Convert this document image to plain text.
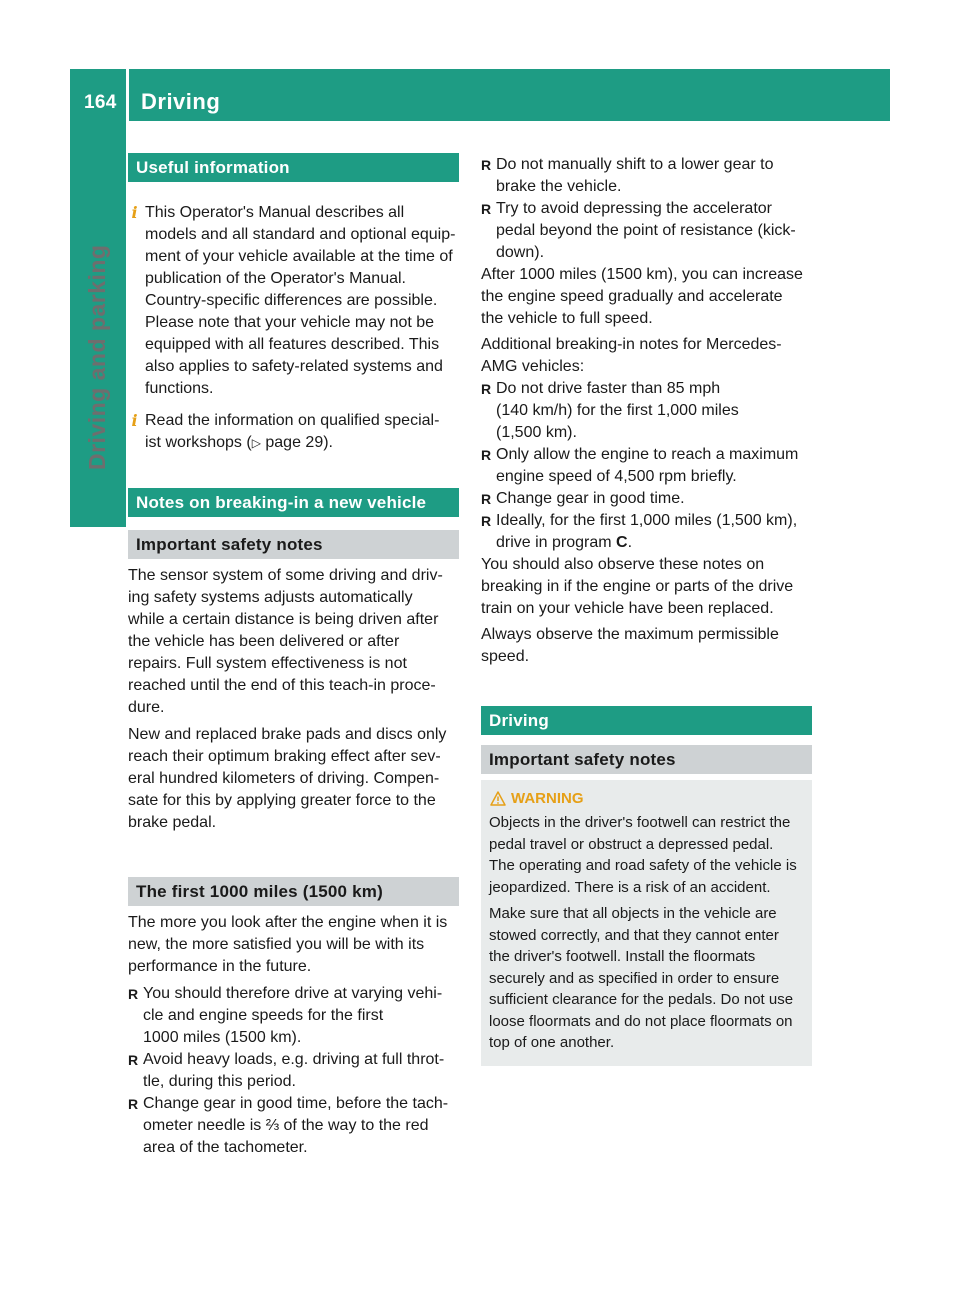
164 Driving
Driving and parking
Useful information
i This Operator's Manual describes all
models and all standard and optional equip-
ment of your vehicle available at the time of
publication of the Operator's Manual.
Country-specific differences are possible.
Please note that your vehicle may not be
equipped with all features described. This
also applies to safety-related systems and
functions.

i Read the information on qualified special-
ist workshops (▷ page 29).

Notes on breaking-in a new vehicle
Important safety notes

The sensor system of some driving and driv-
ing safety systems adjusts automatically
while a certain distance is being driven after
the vehicle has been delivered or after
repairs. Full system effectiveness is not
reached until the end of this teach-in proce-
dure.

New and replaced brake pads and discs only
reach their optimum braking effect after sev-
eral hundred kilometers of driving. Compen-
sate for this by applying greater force to the
brake pedal.

The first 1000 miles (1500 km)

The more you look after the engine when it is
new, the more satisfied you will be with its
performance in the future.

R You should therefore drive at varying vehi-
cle and engine speeds for the first
1000 miles (1500 km).
R Avoid heavy loads, e.g. driving at full throt-
tle, during this period.
R Change gear in good time, before the tach-
ometer needle is ⅔ of the way to the red
area of the tachometer.
R Do not manually shift to a lower gear to
brake the vehicle.
R Try to avoid depressing the accelerator
pedal beyond the point of resistance (kick-
down).

After 1000 miles (1500 km), you can increase
the engine speed gradually and accelerate
the vehicle to full speed.

Additional breaking-in notes for Mercedes-
AMG vehicles:

R Do not drive faster than 85 mph
(140 km/h) for the first 1,000 miles
(1,500 km).
R Only allow the engine to reach a maximum
engine speed of 4,500 rpm briefly.
R Change gear in good time.
R Ideally, for the first 1,000 miles (1,500 km),
drive in program C.

You should also observe these notes on
breaking in if the engine or parts of the drive
train on your vehicle have been replaced.

Always observe the maximum permissible
speed.

Driving
Important safety notes
WARNING

Objects in the driver's footwell can restrict the
pedal travel or obstruct a depressed pedal.
The operating and road safety of the vehicle is
jeopardized. There is a risk of an accident.

Make sure that all objects in the vehicle are
stowed correctly, and that they cannot enter
the driver's footwell. Install the floormats
securely and as specified in order to ensure
sufficient clearance for the pedals. Do not use
loose floormats and do not place floormats on
top of one another.
